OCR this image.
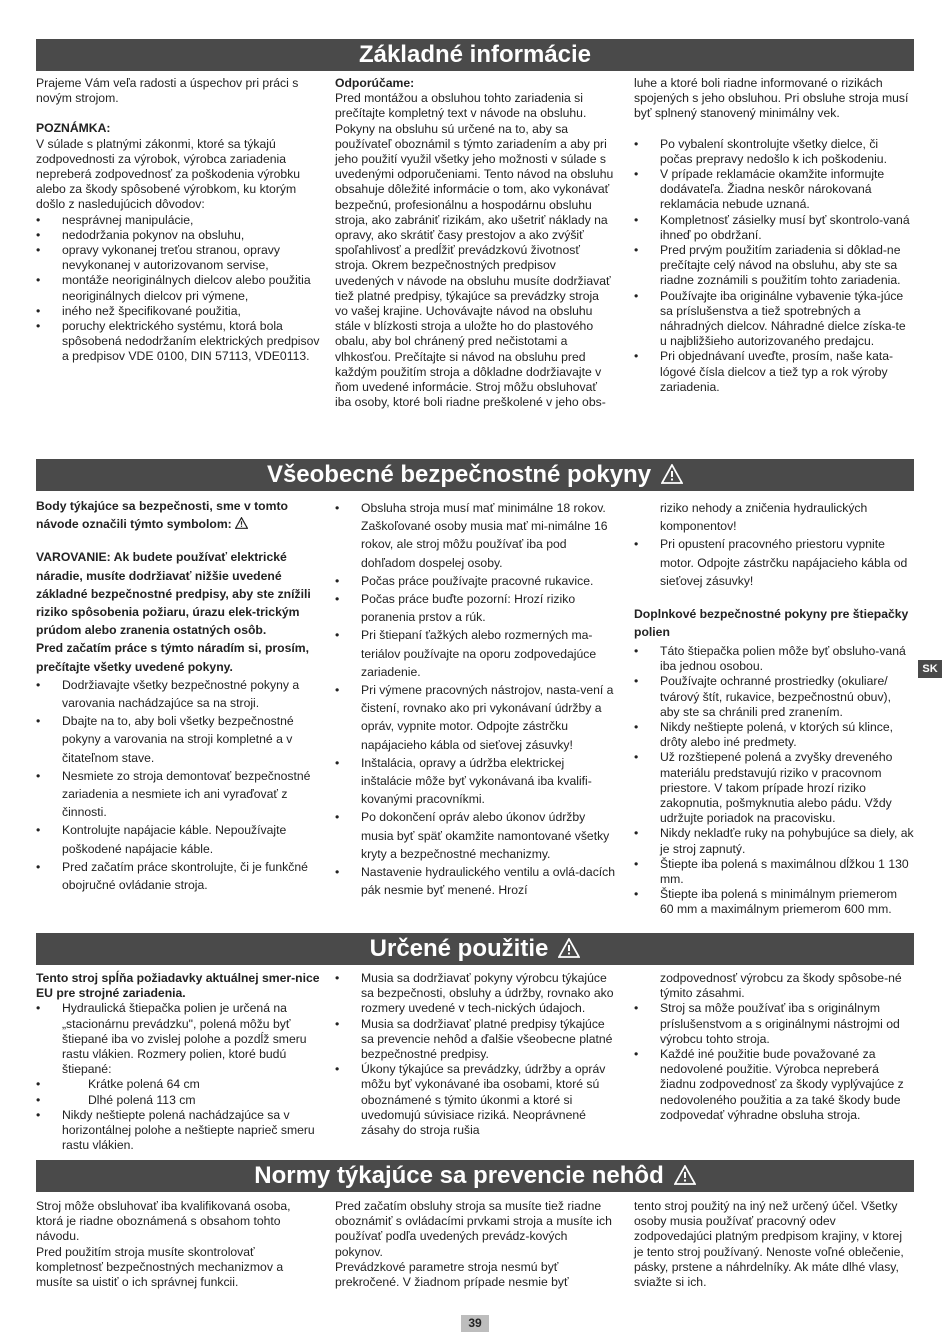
Základné informácie

Prajeme Vám veľa radosti a úspechov pri práci s novým strojom.

POZNÁMKA:

V súlade s platnými zákonmi, ktoré sa týkajú zodpovednosti za výrobok, výrobca zariadenia nepreberá zodpovednosť za poškodenia výrobku alebo za škody spôsobené výrobkom, ku ktorým došlo z nasledujúcich dôvodov:

• nesprávnej manipulácie,
• nedodržania pokynov na obsluhu,
• opravy vykonanej treťou stranou, opravy nevykonanej v autorizovanom servise,
• montáže neoriginálnych dielcov alebo použitia neoriginálnych dielcov pri výmene,
• iného než špecifikované použitia,
• poruchy elektrického systému, ktorá bola spôsobená nedodržaním elektrických predpisov a predpisov VDE 0100, DIN 57113, VDE0113.

Odporúčame:

Pred montážou a obsluhou tohto zariadenia si prečítajte kompletný text v návode na obsluhu. Pokyny na obsluhu sú určené na to, aby sa používateľ oboznámil s týmto zariadením a aby pri jeho použití využil všetky jeho možnosti v súlade s uvedenými odporučeniami. Tento návod na obsluhu obsahuje dôležité informácie o tom, ako vykonávať bezpečnú, profesionálnu a hospodárnu obsluhu stroja, ako zabrániť rizikám, ako ušetriť náklady na opravy, ako skrátiť časy prestojov a ako zvýšiť spoľahlivosť a predĺžiť prevádzkovú životnosť stroja. Okrem bezpečnostných predpisov uvedených v návode na obsluhu musíte dodržiavať tiež platné predpisy, týkajúce sa prevádzky stroja vo vašej krajine. Uchovávajte návod na obsluhu stále v blízkosti stroja a uložte ho do plastového obalu, aby bol chránený pred nečistotami a vlhkosťou. Prečítajte si návod na obsluhu pred každým použitím stroja a dôkladne dodržiavajte v ňom uvedené informácie. Stroj môžu obsluhovať iba osoby, ktoré boli riadne preškolené v jeho obs-

luhe a ktoré boli riadne informované o rizikách spojených s jeho obsluhou. Pri obsluhe stroja musí byť splnený stanovený minimálny vek.

• Po vybalení skontrolujte všetky dielce, či počas prepravy nedošlo k ich poškodeniu.
• V prípade reklamácie okamžite informujte dodávateľa. Žiadna neskôr nárokovaná reklamácia nebude uznaná.
• Kompletnosť zásielky musí byť skontrolo-vaná ihneď po obdržaní.
• Pred prvým použitím zariadenia si dôklad-ne prečítajte celý návod na obsluhu, aby ste sa riadne zoznámili s použitím tohto zariadenia.
• Používajte iba originálne vybavenie týka-júce sa príslušenstva a tiež spotrebných a náhradných dielcov. Náhradné dielce získa-te u najbližšieho autorizovaného predajcu.
• Pri objednávaní uveďte, prosím, naše kata-lógové čísla dielcov a tiež typ a rok výroby zariadenia.
Všeobecné bezpečnostné pokyny

Body týkajúce sa bezpečnosti, sme v tomto návode označili týmto symbolom:

VAROVANIE: Ak budete používať elektrické náradie, musíte dodržiavať nižšie uvedené základné bezpečnostné predpisy, aby ste znížili riziko spôsobenia požiaru, úrazu elek-trickým prúdom alebo zranenia ostatných osôb.

Pred začatím práce s týmto náradím si, prosím, prečítajte všetky uvedené pokyny.

• Dodržiavajte všetky bezpečnostné pokyny a varovania nachádzajúce sa na stroji.
• Dbajte na to, aby boli všetky bezpečnostné pokyny a varovania na stroji kompletné a v čitateľnom stave.
• Nesmiete zo stroja demontovať bezpečnostné zariadenia a nesmiete ich ani vyraďovať z činnosti.
• Kontrolujte napájacie káble. Nepoužívajte poškodené napájacie káble.
• Pred začatím práce skontrolujte, či je funkčné obojručné ovládanie stroja.
• Obsluha stroja musí mať minimálne 18 rokov. Zaškoľované osoby musia mať mi-nimálne 16 rokov, ale stroj môžu používať iba pod dohľadom dospelej osoby.
• Počas práce používajte pracovné rukavice.
• Počas práce buďte pozorní: Hrozí riziko poranenia prstov a rúk.
• Pri štiepaní ťažkých alebo rozmerných ma-teriálov používajte na oporu zodpovedajúce zariadenie.
• Pri výmene pracovných nástrojov, nasta-vení a čistení, rovnako ako pri vykonávaní údržby a opráv, vypnite motor. Odpojte zástrčku napájacieho kábla od sieťovej zásuvky!
• Inštalácia, opravy a údržba elektrickej inštalácie môže byť vykonávaná iba kvalifi-kovanými pracovníkmi.
• Po dokončení opráv alebo úkonov údržby musia byť späť okamžite namontované všetky kryty a bezpečnostné mechanizmy.
• Nastavenie hydraulického ventilu a ovlá-dacích pák nesmie byť menené. Hrozí

riziko nehody a zničenia hydraulických komponentov!

• Pri opustení pracovného priestoru vypnite motor. Odpojte zástrčku napájacieho kábla od sieťovej zásuvky!

Doplnkové bezpečnostné pokyny pre štiepačky polien

• Táto štiepačka polien môže byť obsluho-vaná iba jednou osobou.
• Používajte ochranné prostriedky (okuliare/ tvárový štít, rukavice, bezpečnostnú obuv), aby ste sa chránili pred zranením.
• Nikdy neštiepte polená, v ktorých sú klince, drôty alebo iné predmety.
• Už rozštiepené polená a zvyšky dreveného materiálu predstavujú riziko v pracovnom priestore. V takom prípade hrozí riziko zakopnutia, pošmyknutia alebo pádu. Vždy udržujte poriadok na pracovisku.
• Nikdy nekladťe ruky na pohybujúce sa diely, ak je stroj zapnutý.
• Štiepte iba polená s maximálnou dĺžkou 1 130 mm.
• Štiepte iba polená s minimálnym priemerom 60 mm a maximálnym priemerom 600 mm.
Určené použitie

Tento stroj spĺňa požiadavky aktuálnej smer-nice EU pre strojné zariadenia.

• Hydraulická štiepačka polien je určená na „stacionárnu prevádzku", polená môžu byť štiepané iba vo zvislej polohe a pozdĺž smeru rastu vlákien. Rozmery polien, ktoré budú štiepané:
• Krátke polená 64 cm
• Dlhé polená 113 cm
• Nikdy neštiepte polená nachádzajúce sa v horizontálnej polohe a neštiepte naprieč smeru rastu vlákien.
• Musia sa dodržiavať pokyny výrobcu týkajúce sa bezpečnosti, obsluhy a údržby, rovnako ako rozmery uvedené v tech-nických údajoch.
• Musia sa dodržiavať platné predpisy týkajúce sa prevencie nehôd a ďalšie všeobecne platné bezpečnostné predpisy.
• Úkony týkajúce sa prevádzky, údržby a opráv môžu byť vykonávané iba osobami, ktoré sú oboznámené s týmito úkonmi a ktoré si uvedomujú súvisiace riziká. Neoprávnené zásahy do stroja rušia

zodpovednosť výrobcu za škody spôsobe-né týmito zásahmi.

• Stroj sa môže používať iba s originálnym príslušenstvom a s originálnymi nástrojmi od výrobcu tohto stroja.
• Každé iné použitie bude považované za nedovolené použitie. Výrobca nepreberá žiadnu zodpovednosť za škody vyplývajúce z nedovoleného použitia a za také škody bude zodpovedať výhradne obsluha stroja.
Normy týkajúce sa prevencie nehôd
Stroj môže obsluhovať iba kvalifikovaná osoba, ktorá je riadne oboznámená s obsahom tohto návodu.
Pred použitím stroja musíte skontrolovať kompletnosť bezpečnostných mechanizmov a musíte sa uistiť o ich správnej funkcii.
Pred začatím obsluhy stroja sa musíte tiež riadne oboznámiť s ovládacími prvkami stroja a musíte ich používať podľa uvedených prevádz-kových pokynov.
Prevádzkové parametre stroja nesmú byť prekročené. V žiadnom prípade nesmie byť
tento stroj použitý na iný než určený účel. Všetky osoby musia používať pracovný odev zodpovedajúci platným predpisom krajiny, v ktorej je tento stroj používaný. Nenoste voľné oblečenie, pásky, prstene a náhrdelníky. Ak máte dlhé vlasy, sviažte si ich.
SK
39
